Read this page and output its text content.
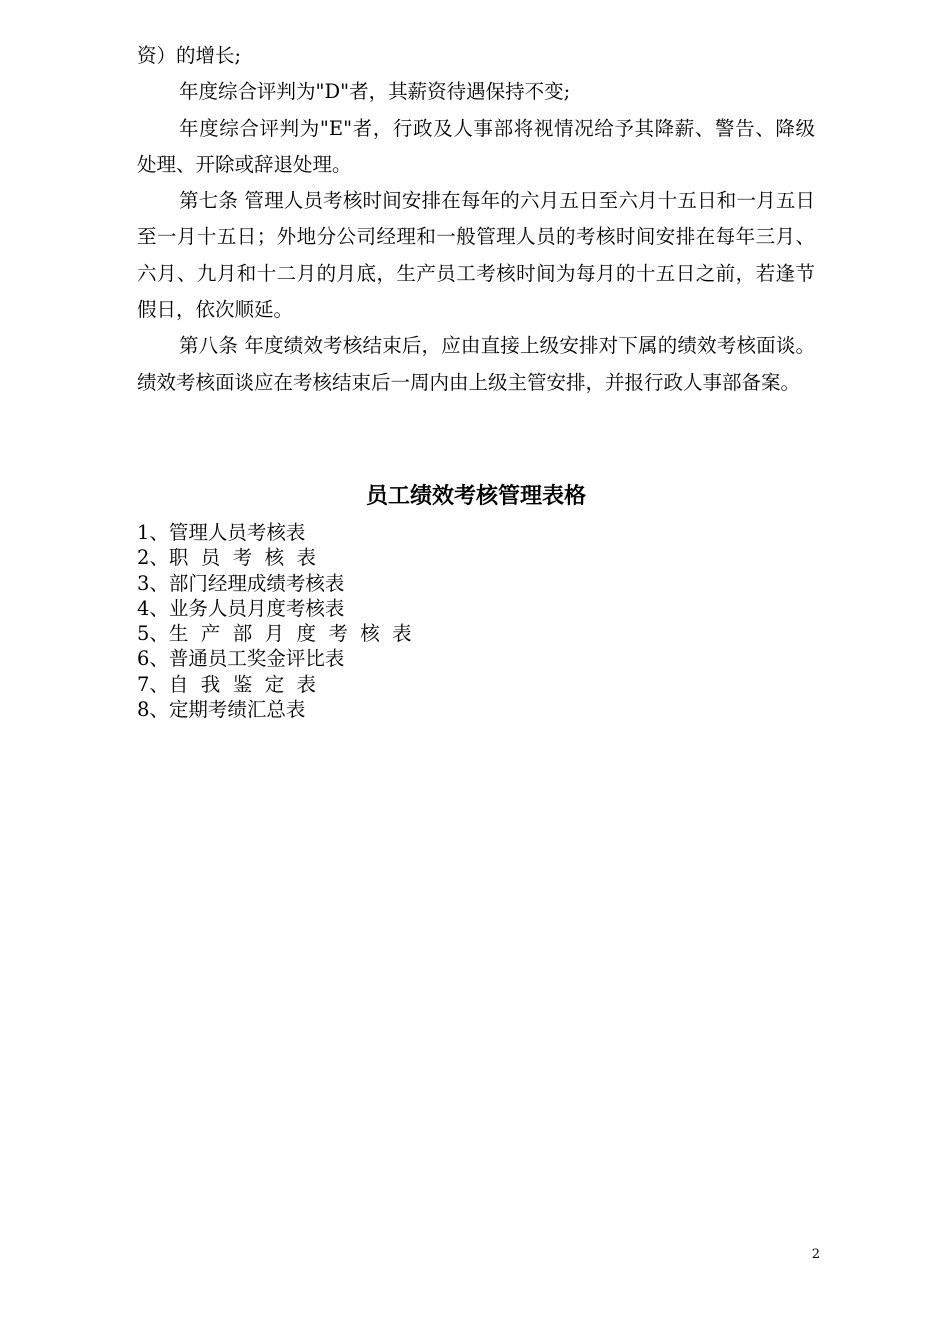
资）的增长;

年度综合评判为"D"者，其薪资待遇保持不变;

年度综合评判为"E"者，行政及人事部将视情况给予其降薪、警告、降级处理、开除或辞退处理。

第七条 管理人员考核时间安排在每年的六月五日至六月十五日和一月五日至一月十五日；外地分公司经理和一般管理人员的考核时间安排在每年三月、六月、九月和十二月的月底，生产员工考核时间为每月的十五日之前，若逢节假日，依次顺延。

第八条 年度绩效考核结束后，应由直接上级安排对下属的绩效考核面谈。绩效考核面谈应在考核结束后一周内由上级主管安排，并报行政人事部备案。

员工绩效考核管理表格
1、管理人员考核表
2、职  员  考  核  表
3、部门经理成绩考核表
4、业务人员月度考核表
5、生  产  部  月  度  考  核  表
6、普通员工奖金评比表
7、自  我  鉴  定  表
8、定期考绩汇总表
2
